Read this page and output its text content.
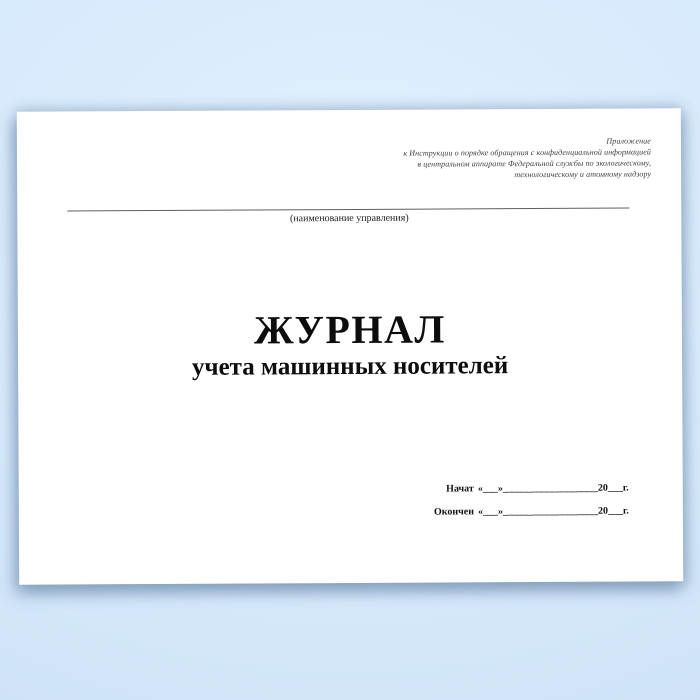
Приложение
к Инструкции о порядке обращения с конфиденциальной информацией
в центральном аппарате Федеральной службы по экологическому,
технологическому и атомному надзору
(наименование управления)
ЖУРНАЛ
учета машинных носителей
Начат «___»___________________20___г.
Окончен «___»___________________20___г.
